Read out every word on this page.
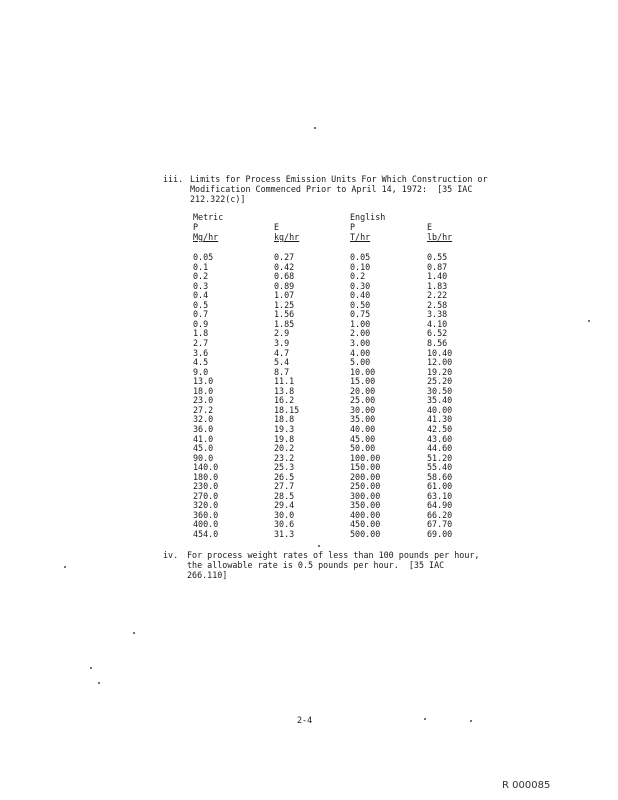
iii. Limits for Process Emission Units For Which Construction or
Modification Commenced Prior to April 14, 1972:  [35 IAC
212.322(c)]
Metric	English
P	E	P	E
Mg/hr	kg/hr	T/hr	lb/hr
0.05	0.27	0.05	0.55
0.1	0.42	0.10	0.87
0.2	0.68	0.2	1.40
0.3	0.89	0.30	1.83
0.4	1.07	0.40	2.22
0.5	1.25	0.50	2.58
0.7	1.56	0.75	3.38
0.9	1.85	1.00	4.10
1.8	2.9	2.00	6.52
2.7	3.9	3.00	8.56
3.6	4.7	4.00	10.40
4.5	5.4	5.00	12.00
9.0	8.7	10.00	19.20
13.0	11.1	15.00	25.20
18.0	13.8	20.00	30.50
23.0	16.2	25.00	35.40
27.2	18.15	30.00	40.00
32.0	18.8	35.00	41.30
36.0	19.3	40.00	42.50
41.0	19.8	45.00	43.60
45.0	20.2	50.00	44.60
90.0	23.2	100.00	51.20
140.0	25.3	150.00	55.40
180.0	26.5	200.00	58.60
230.0	27.7	250.00	61.00
270.0	28.5	300.00	63.10
320.0	29.4	350.00	64.90
360.0	30.0	400.00	66.20
400.0	30.6	450.00	67.70
454.0	31.3	500.00	69.00
iv. For process weight rates of less than 100 pounds per hour,
the allowable rate is 0.5 pounds per hour.  [35 IAC
266.110]
2-4
R 000085
